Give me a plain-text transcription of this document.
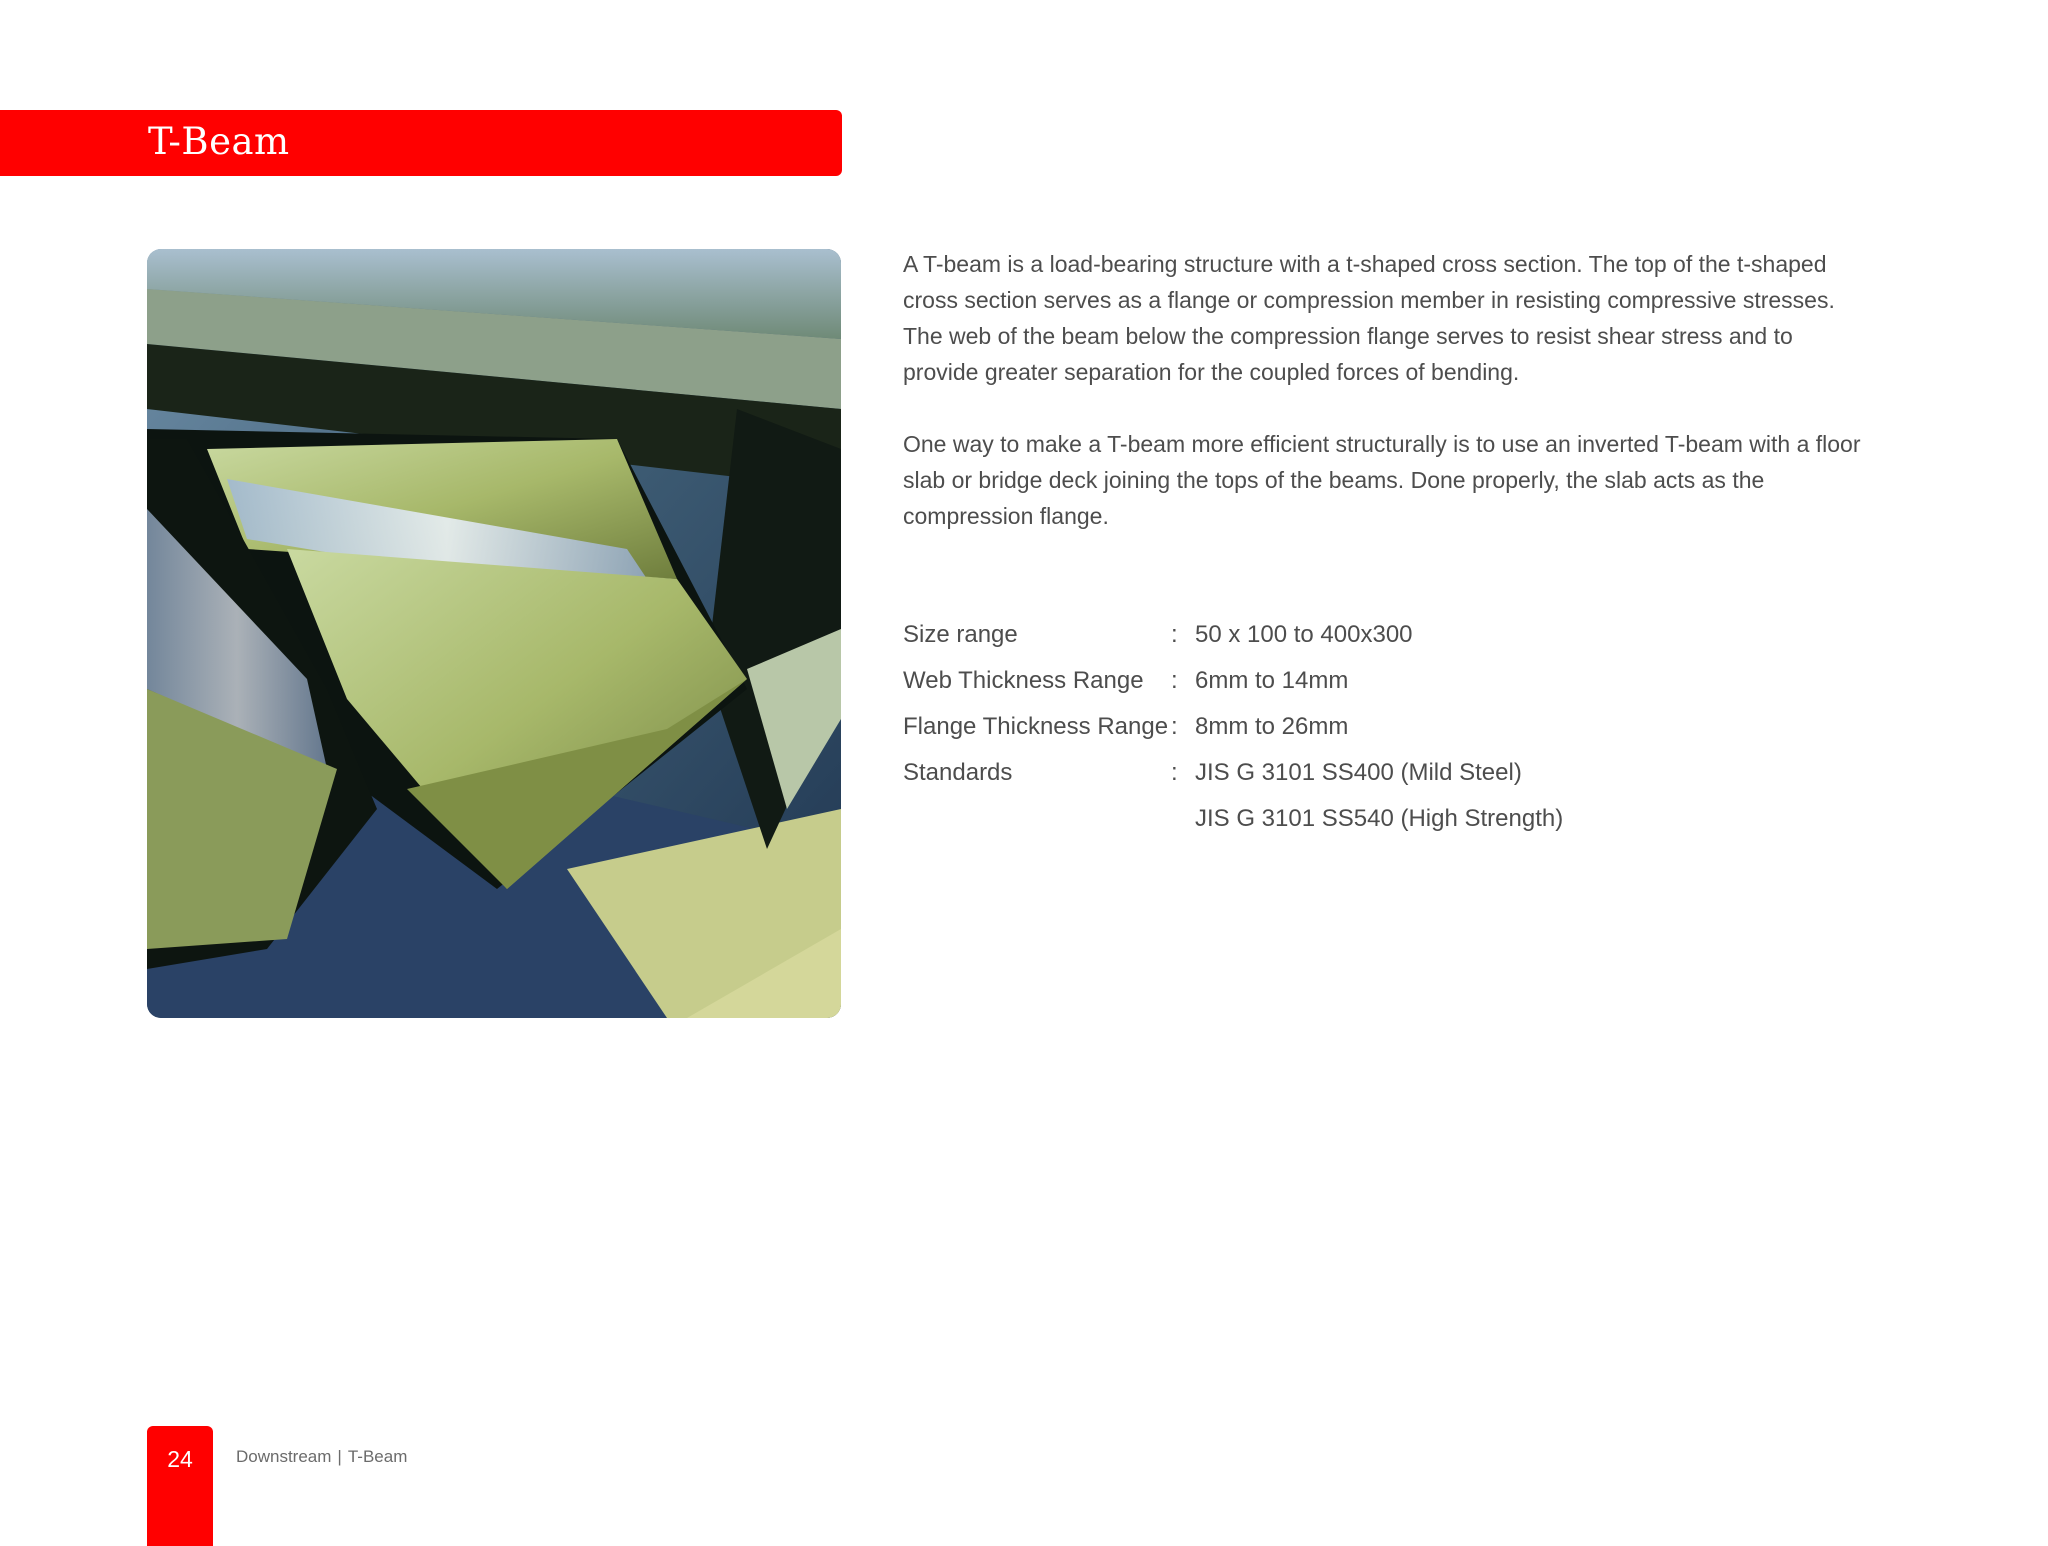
T-Beam

A T-beam is a load-bearing structure with a t-shaped cross section. The top of the t-shaped cross section serves as a flange or compression member in resisting compressive stresses. The web of the beam below the compression flange serves to resist shear stress and to provide greater separation for the coupled forces of bending.

One way to make a T-beam more efficient structurally is to use an inverted T-beam with a floor slab or bridge deck joining the tops of the beams. Done properly, the slab acts as the compression flange.

Size range	:	50 x 100 to 400x300
Web Thickness Range	:	6mm to 14mm
Flange Thickness Range	:	8mm to 26mm
Standards	:	JIS G 3101 SS400 (Mild Steel)
		JIS G 3101 SS540 (High Strength)
24	Downstream | T-Beam
